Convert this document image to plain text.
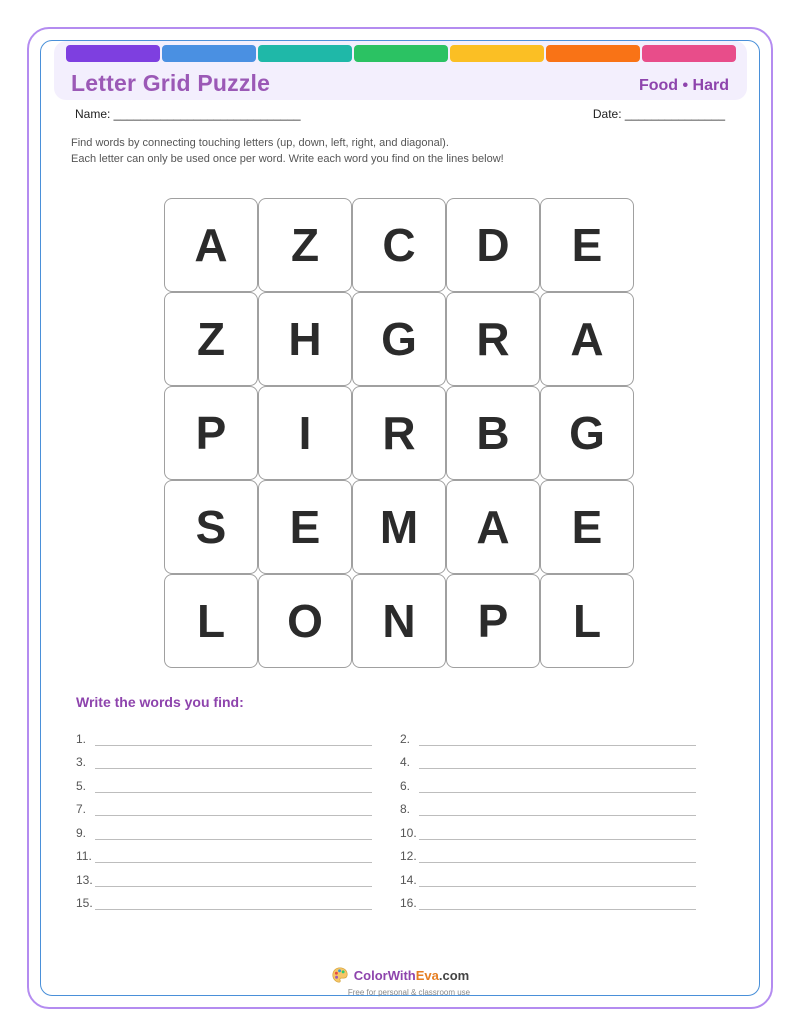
Letter Grid Puzzle	Food • Hard
Name: ____________________________	Date: _______________
Find words by connecting touching letters (up, down, left, right, and diagonal).
Each letter can only be used once per word. Write each word you find on the lines below!
A	Z	C	D	E
Z	H	G	R	A
P	I	R	B	G
S	E	M	A	E
L	O	N	P	L
Write the words you find:
1.
3.
5.
7.
9.
11.
13.
15.
2.
4.
6.
8.
10.
12.
14.
16.
ColorWithEva.com
Free for personal & classroom use
